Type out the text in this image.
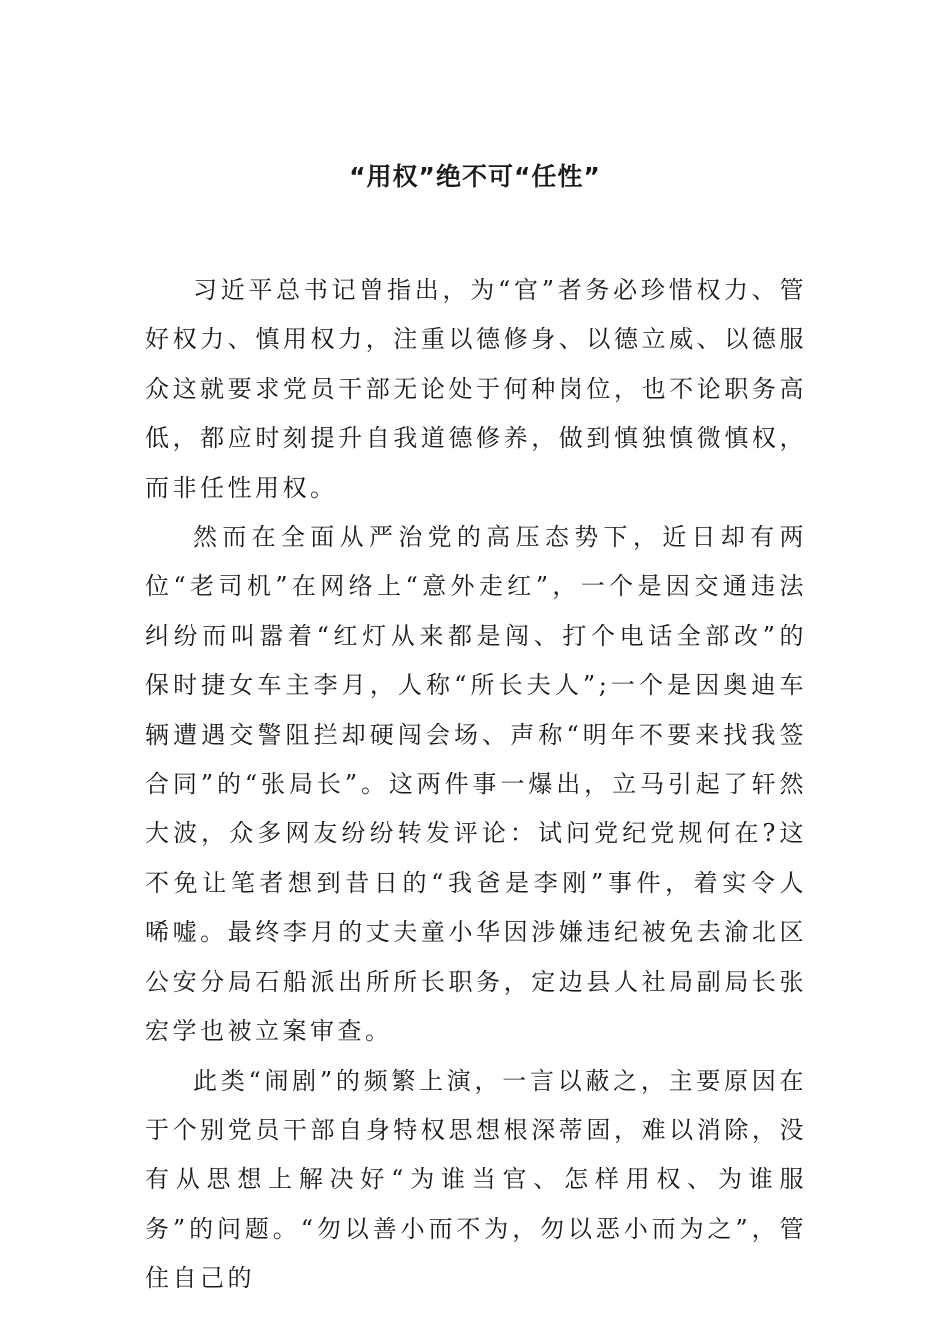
“用权”绝不可“任性”

习近平总书记曾指出，为“官”者务必珍惜权力、管好权力、慎用权力，注重以德修身、以德立威、以德服众这就要求党员干部无论处于何种岗位，也不论职务高低，都应时刻提升自我道德修养，做到慎独慎微慎权，而非任性用权。

然而在全面从严治党的高压态势下，近日却有两位“老司机”在网络上“意外走红”，一个是因交通违法纠纷而叫嚣着“红灯从来都是闯、打个电话全部改”的保时捷女车主李月，人称“所长夫人”;一个是因奥迪车辆遭遇交警阻拦却硬闯会场、声称“明年不要来找我签合同”的“张局长”。这两件事一爆出，立马引起了轩然大波，众多网友纷纷转发评论：试问党纪党规何在?这不免让笔者想到昔日的“我爸是李刚”事件，着实令人唏嘘。最终李月的丈夫童小华因涉嫌违纪被免去渝北区公安分局石船派出所所长职务，定边县人社局副局长张宏学也被立案审查。

此类“闹剧”的频繁上演，一言以蔽之，主要原因在于个别党员干部自身特权思想根深蒂固，难以消除，没有从思想上解决好“为谁当官、怎样用权、为谁服务”的问题。“勿以善小而不为，勿以恶小而为之”，管住自己的
